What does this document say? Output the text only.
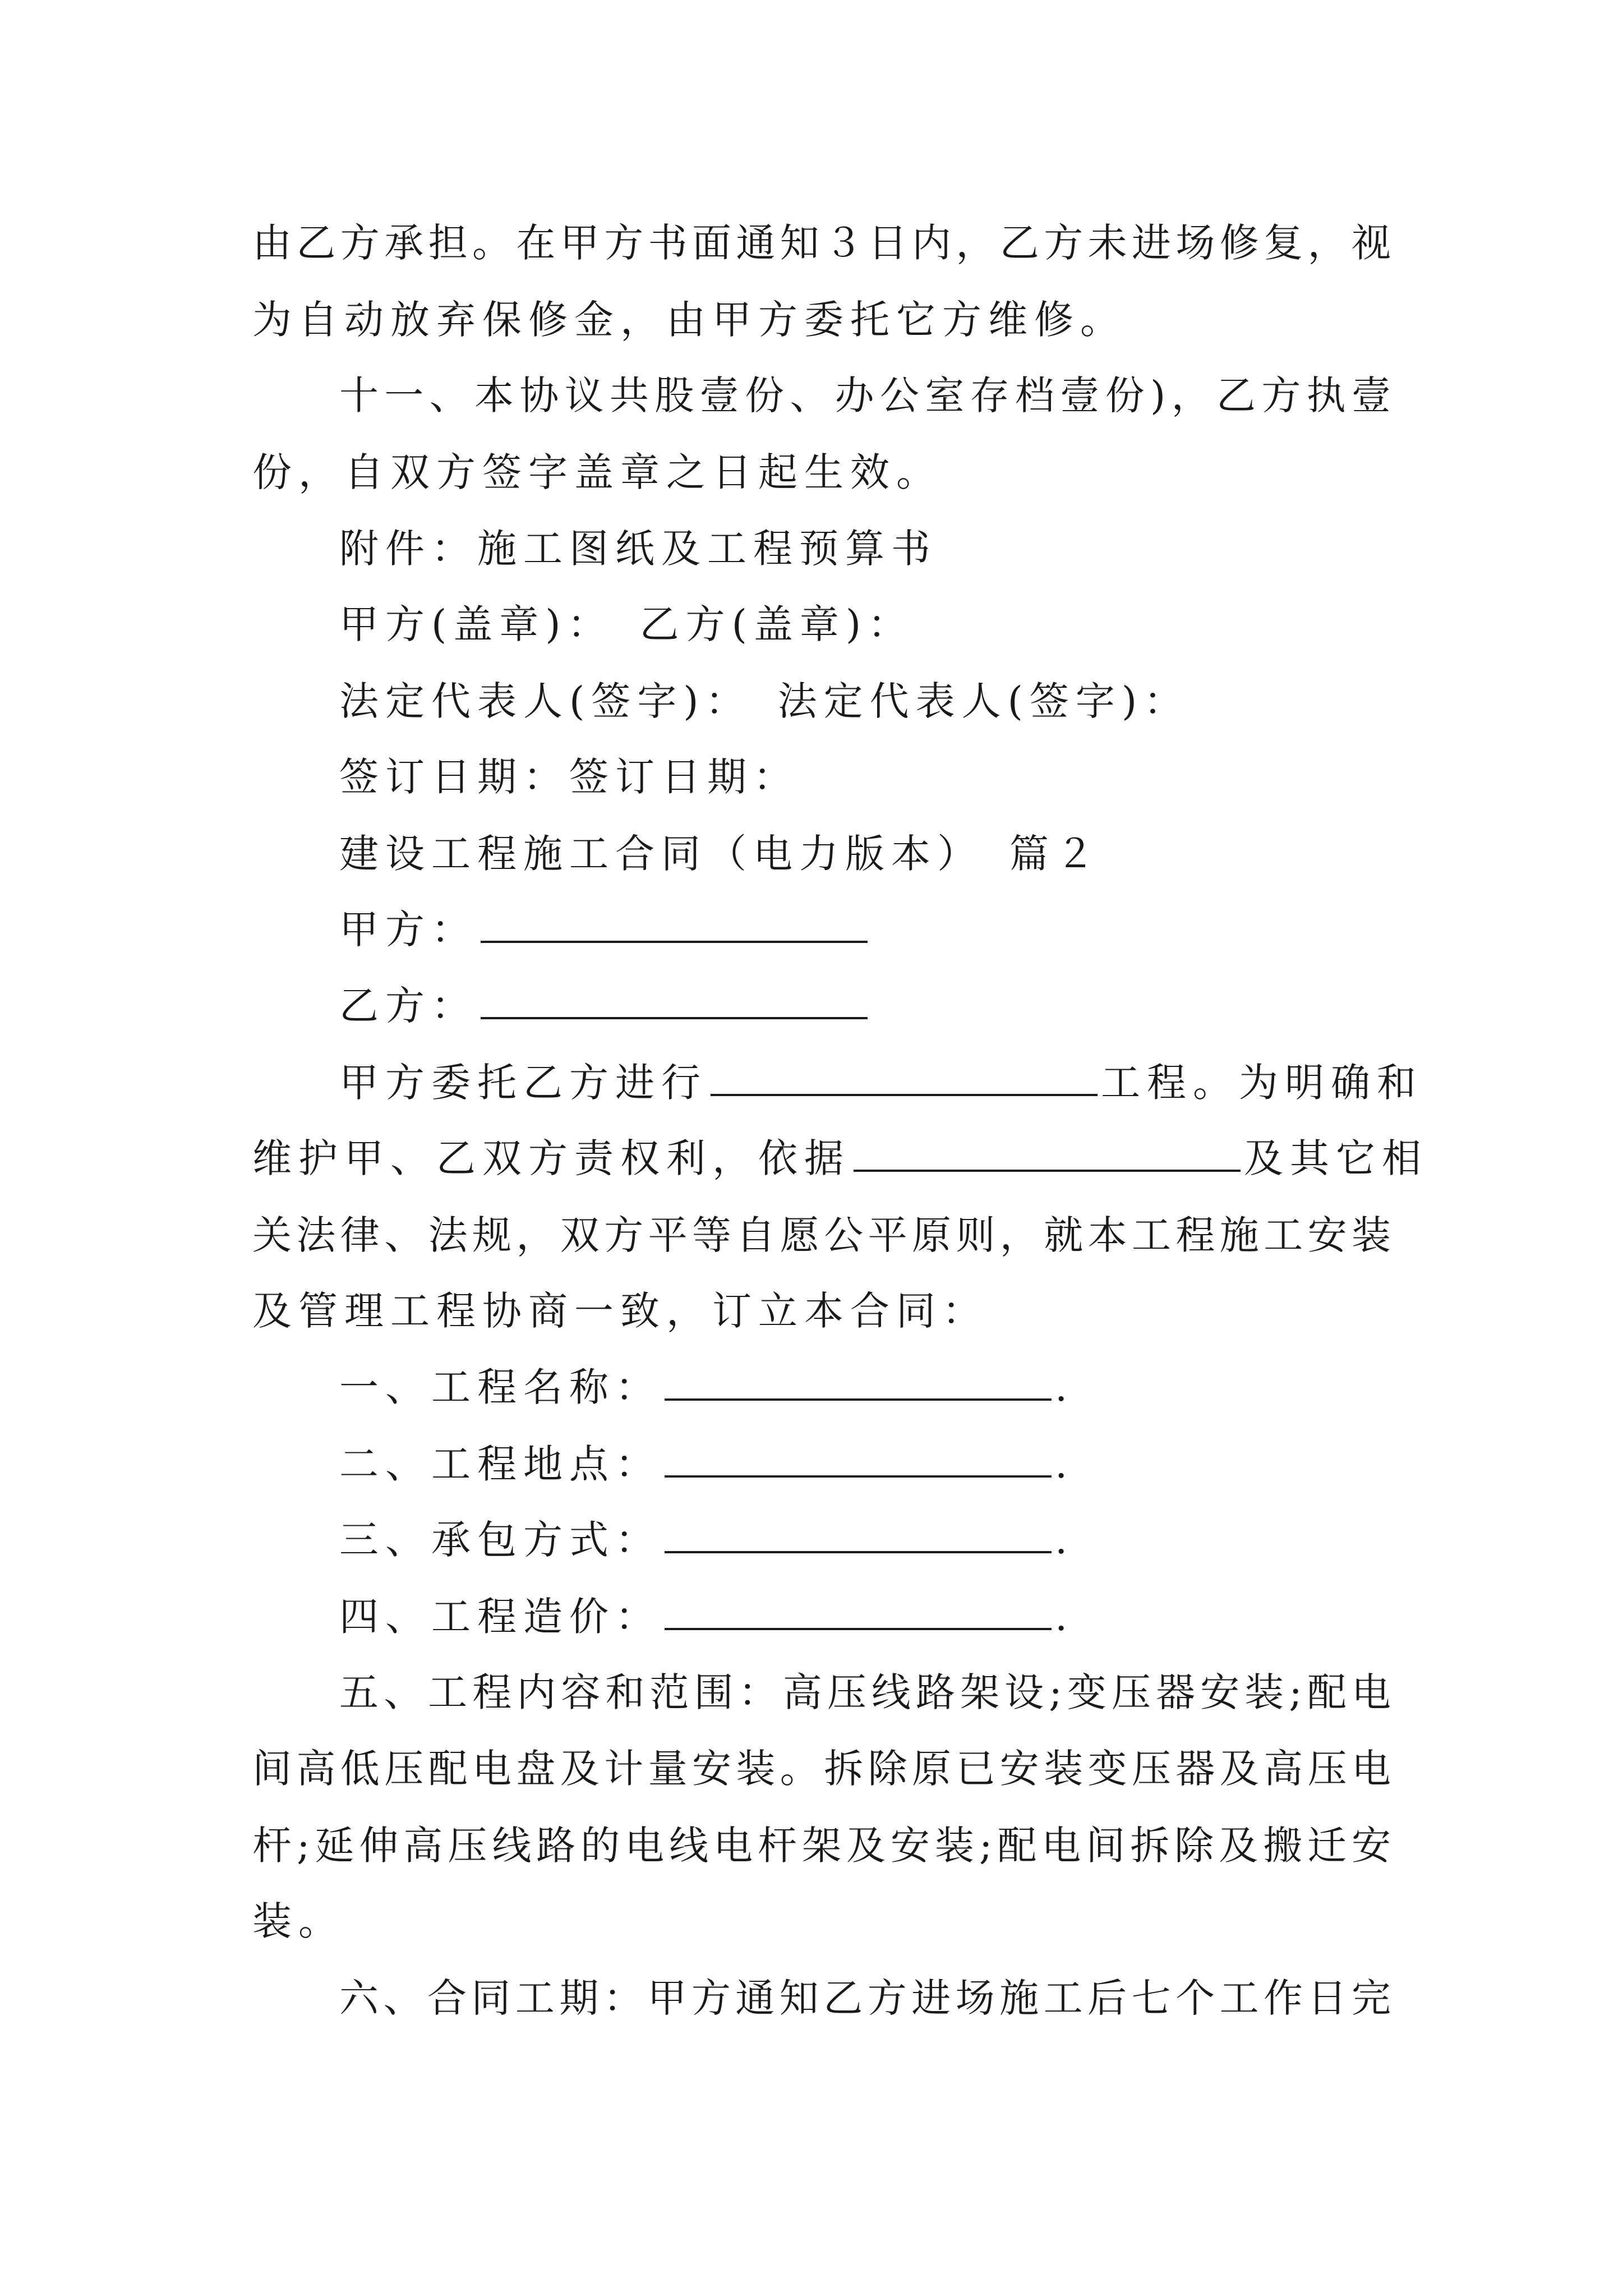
由乙方承担。在甲方书面通知３日内，乙方未进场修复，视
为自动放弃保修金，由甲方委托它方维修。
十一、本协议共股壹份、办公室存档壹份)，乙方执壹
份，自双方签字盖章之日起生效。
附件：施工图纸及工程预算书
甲方(盖章)：　乙方(盖章)：
法定代表人(签字)：　法定代表人(签字)：
签订日期：签订日期：
建设工程施工合同（电力版本）　篇２
甲方：
乙方：
甲方委托乙方进行	工程。为明确和
维护甲、乙双方责权利，依据	及其它相
关法律、法规，双方平等自愿公平原则，就本工程施工安装
及管理工程协商一致，订立本合同：
一、工程名称：	.
二、工程地点：	.
三、承包方式：	.
四、工程造价：	.
五、工程内容和范围：高压线路架设;变压器安装;配电
间高低压配电盘及计量安装。拆除原已安装变压器及高压电
杆;延伸高压线路的电线电杆架及安装;配电间拆除及搬迁安
装。
六、合同工期：甲方通知乙方进场施工后七个工作日完
